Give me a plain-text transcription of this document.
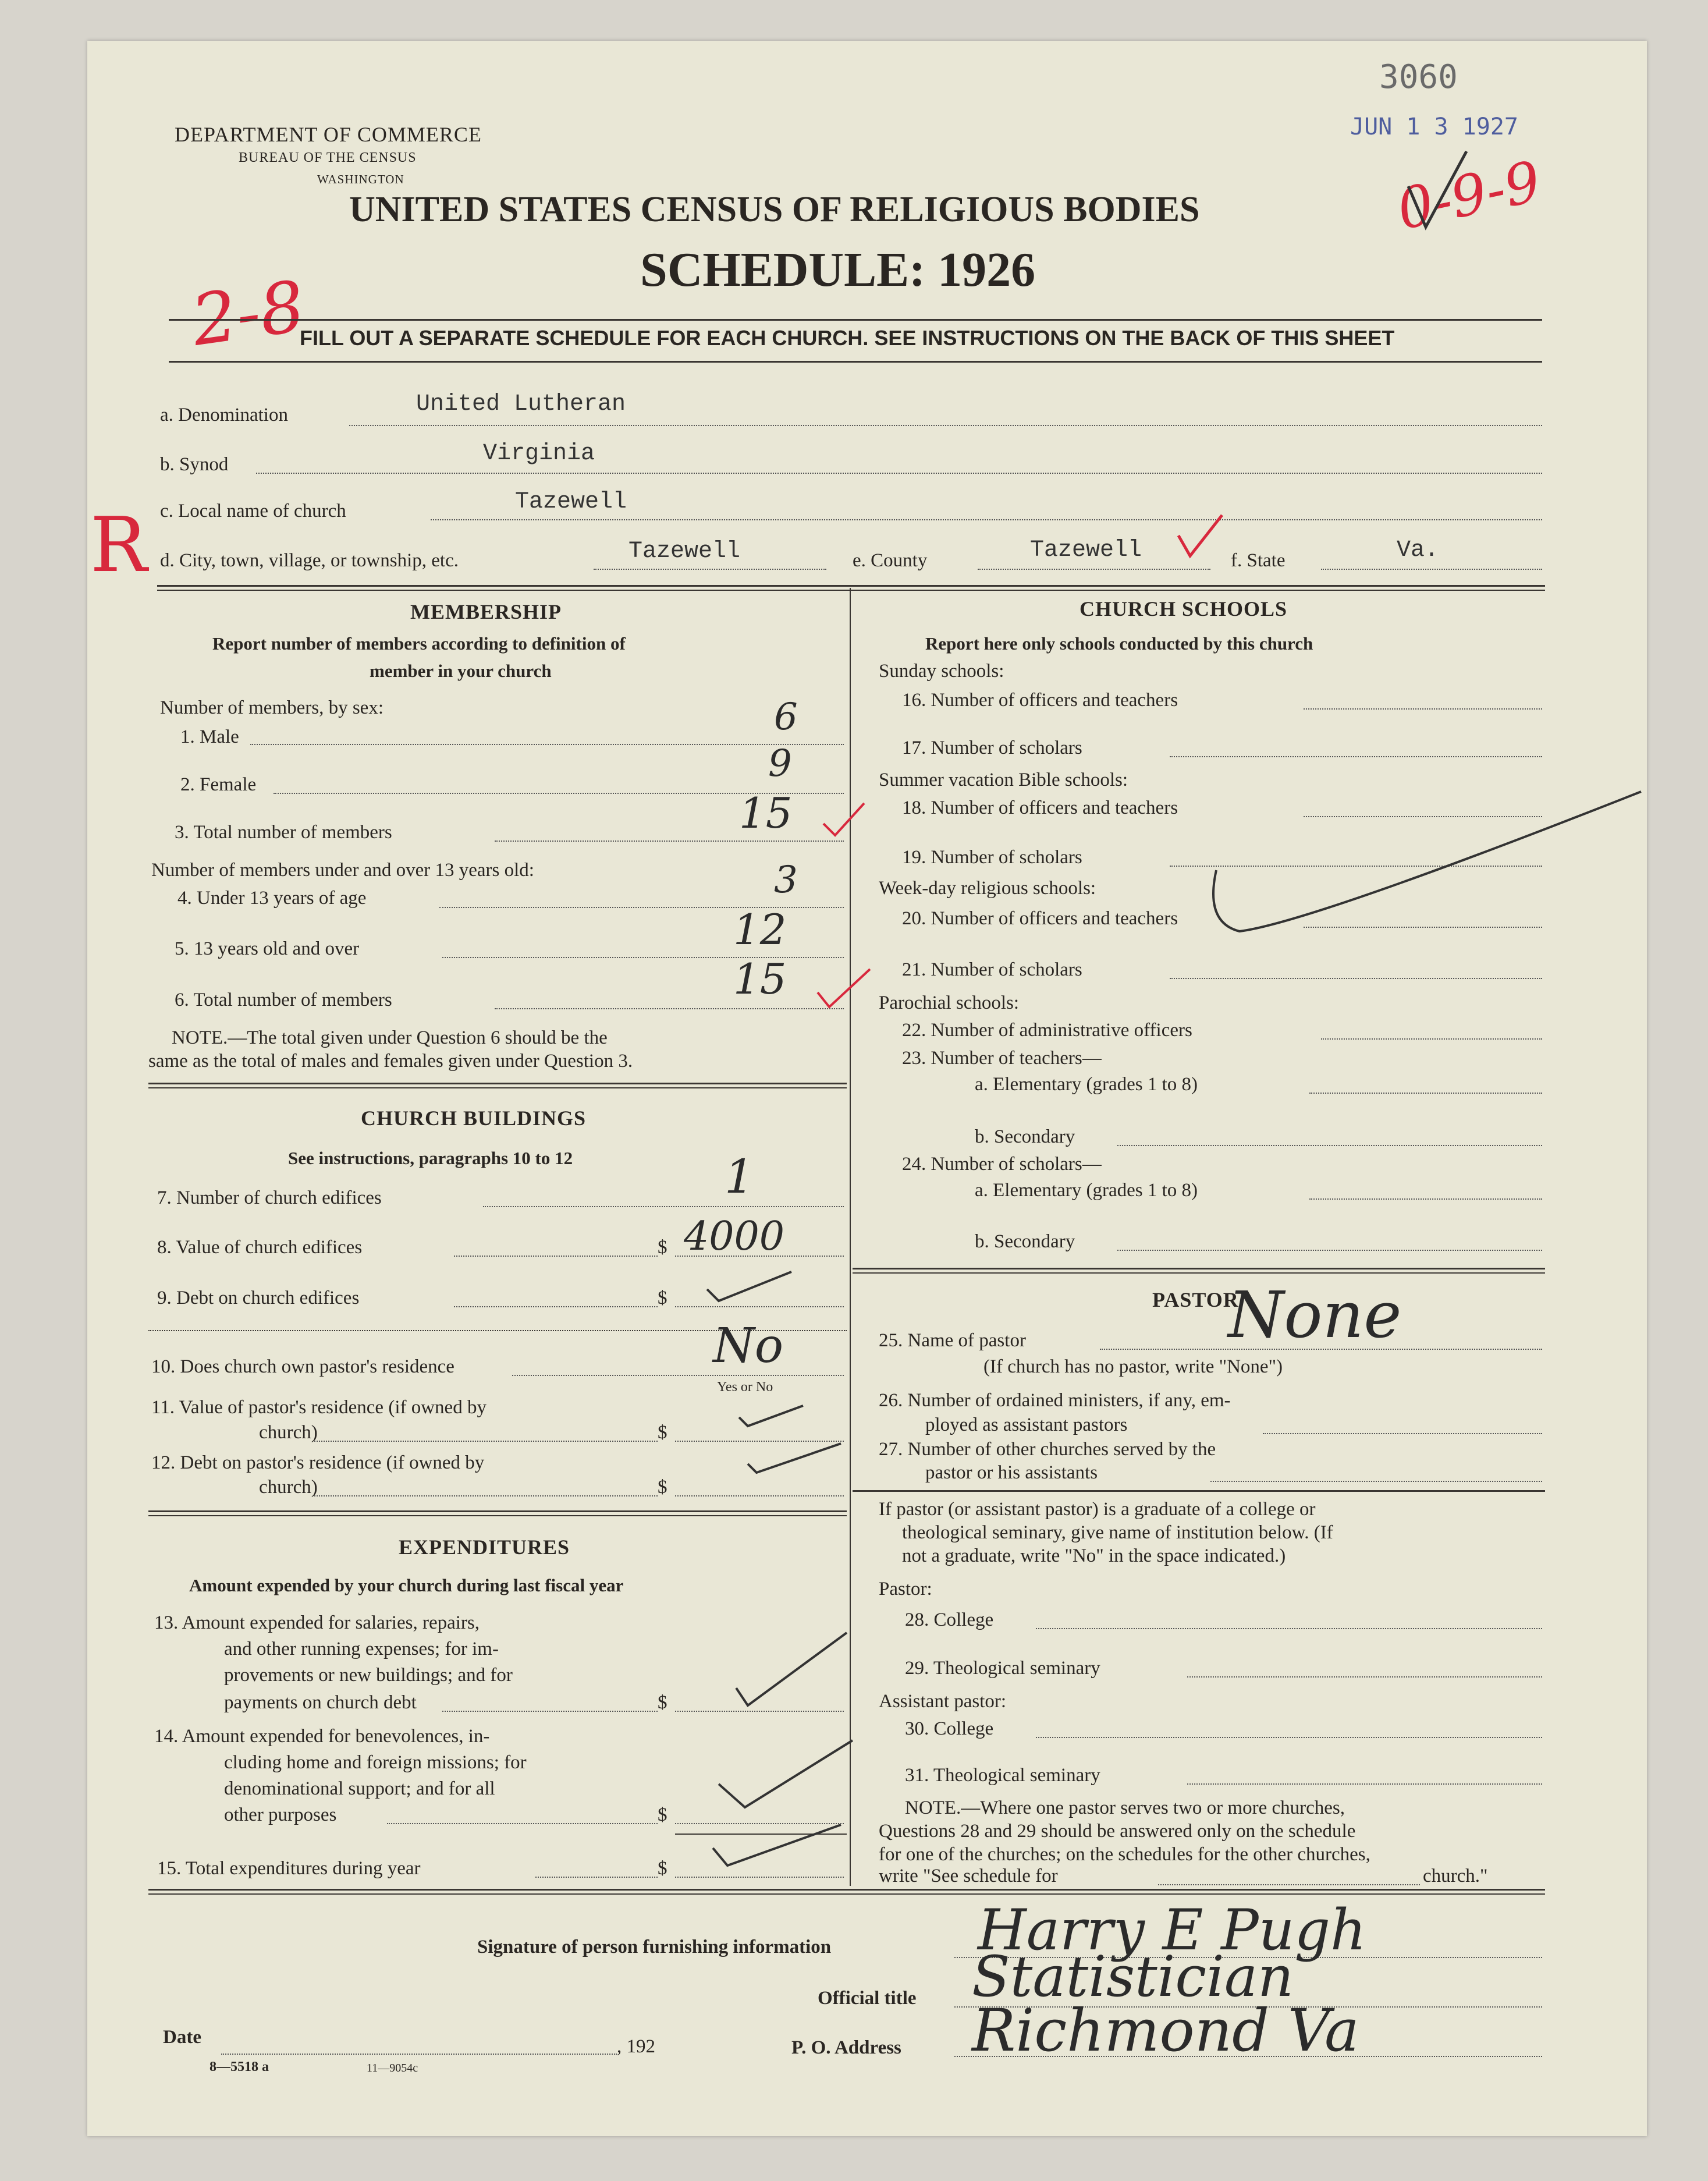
DEPARTMENT OF COMMERCE
BUREAU OF THE CENSUS
WASHINGTON
3060
JUN 1 3 1927
0-9-9
2-8
R
UNITED STATES CENSUS OF RELIGIOUS BODIES
SCHEDULE: 1926
FILL OUT A SEPARATE SCHEDULE FOR EACH CHURCH. SEE INSTRUCTIONS ON THE BACK OF THIS SHEET
a. Denomination	United Lutheran
b. Synod	Virginia
c. Local name of church	Tazewell
d. City, town, village, or township, etc.	Tazewell	e. County	Tazewell	f. State	Va.
MEMBERSHIP
Report number of members according to definition of
member in your church
Number of members, by sex:
1. Male	6
2. Female	9
3. Total number of members	15
Number of members under and over 13 years old:
4. Under 13 years of age	3
5. 13 years old and over	12
6. Total number of members	15
NOTE.—The total given under Question 6 should be the
same as the total of males and females given under Question 3.
CHURCH BUILDINGS
See instructions, paragraphs 10 to 12
7. Number of church edifices	1
8. Value of church edifices	$ 4000
9. Debt on church edifices	$
10. Does church own pastor's residence	No
Yes or No
11. Value of pastor's residence (if owned by
church)	$
12. Debt on pastor's residence (if owned by
church)	$
EXPENDITURES
Amount expended by your church during last fiscal year
13. Amount expended for salaries, repairs,
and other running expenses; for im-
provements or new buildings; and for
payments on church debt	$
14. Amount expended for benevolences, in-
cluding home and foreign missions; for
denominational support; and for all
other purposes	$
15. Total expenditures during year	$
CHURCH SCHOOLS
Report here only schools conducted by this church
Sunday schools:
16. Number of officers and teachers
17. Number of scholars
Summer vacation Bible schools:
18. Number of officers and teachers
19. Number of scholars
Week-day religious schools:
20. Number of officers and teachers
21. Number of scholars
Parochial schools:
22. Number of administrative officers
23. Number of teachers—
a. Elementary (grades 1 to 8)
b. Secondary
24. Number of scholars—
a. Elementary (grades 1 to 8)
b. Secondary
PASTOR
25. Name of pastor	None
(If church has no pastor, write "None")
26. Number of ordained ministers, if any, em-
ployed as assistant pastors
27. Number of other churches served by the
pastor or his assistants
If pastor (or assistant pastor) is a graduate of a college or
theological seminary, give name of institution below. (If
not a graduate, write "No" in the space indicated.)
Pastor:
28. College
29. Theological seminary
Assistant pastor:
30. College
31. Theological seminary
NOTE.—Where one pastor serves two or more churches,
Questions 28 and 29 should be answered only on the schedule
for one of the churches; on the schedules for the other churches,
write "See schedule for	church."
Signature of person furnishing information	Harry E Pugh
Official title Statistician
Date	, 192	P. O. Address Richmond Va
8—5518 a	11—9054c
